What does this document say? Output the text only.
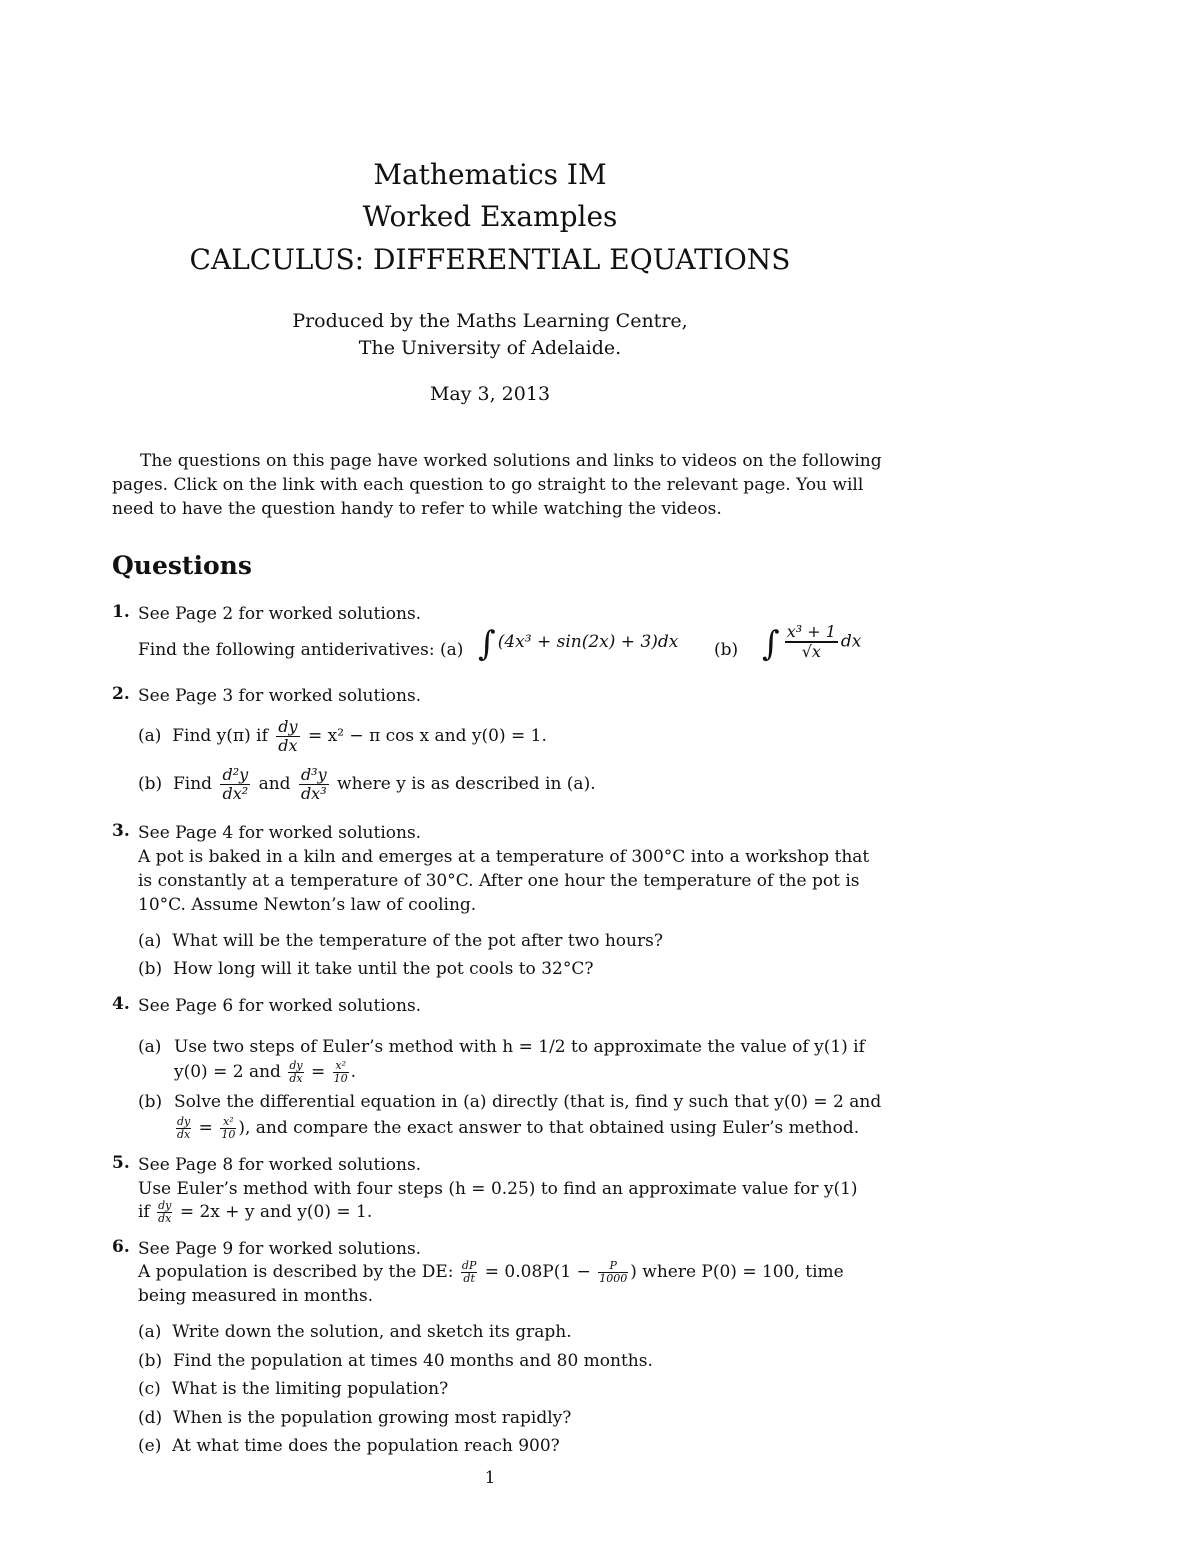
Mathematics IM
Worked Examples
CALCULUS: DIFFERENTIAL EQUATIONS
Produced by the Maths Learning Centre,
The University of Adelaide.
May 3, 2013
The questions on this page have worked solutions and links to videos on the following
pages. Click on the link with each question to go straight to the relevant page. You will
need to have the question handy to refer to while watching the videos.
Questions
1. See Page 2 for worked solutions.
Find the following antiderivatives: (a) ∫ (4x³ + sin(2x) + 3)dx (b) ∫ $\frac{\text{x³ + 1}}{√x}$ dx
2. See Page 3 for worked solutions.
(a) Find y(π) if $\frac{dy}{dx} = x^2 - \pi$ cos x and y(0) = 1.
(b) Find $\frac{\text{d²y}}{\text{dx²}}$ and $\frac{\text{d³y}}{\text{dx³}}$ where y is as described in (a).
3. See Page 4 for worked solutions.
A pot is baked in a kiln and emerges at a temperature of 300°C into a workshop that
is constantly at a temperature of 30°C. After one hour the temperature of the pot is
10°C. Assume Newton’s law of cooling.
(a) What will be the temperature of the pot after two hours?
(b) How long will it take until the pot cools to 32°C?
4. See Page 6 for worked solutions.
(a) Use two steps of Euler’s method with h = 1/2 to approximate the value of y(1) if
y(0) = 2 and $\frac{dy}{dx} = \frac{\text{x²}}{10}$ .
(b) Solve the differential equation in (a) directly (that is, find y such that y(0) = 2 and
$\frac{dy}{dx} = \frac{\text{x²}}{10}$ ), and compare the exact answer to that obtained using Euler’s method.
5. See Page 8 for worked solutions.
Use Euler’s method with four steps (h = 0.25) to find an approximate value for y(1)
if $\frac{dy}{dx} = 2x + y$ and y(0) = 1.
6. See Page 9 for worked solutions.
A population is described by the DE: $\frac{dP}{dt} = 0.08P(1 - \frac{P}{1000}$ ) where P(0) = 100, time
being measured in months.
(a) Write down the solution, and sketch its graph.
(b) Find the population at times 40 months and 80 months.
(c) What is the limiting population?
(d) When is the population growing most rapidly?
(e) At what time does the population reach 900?
1
